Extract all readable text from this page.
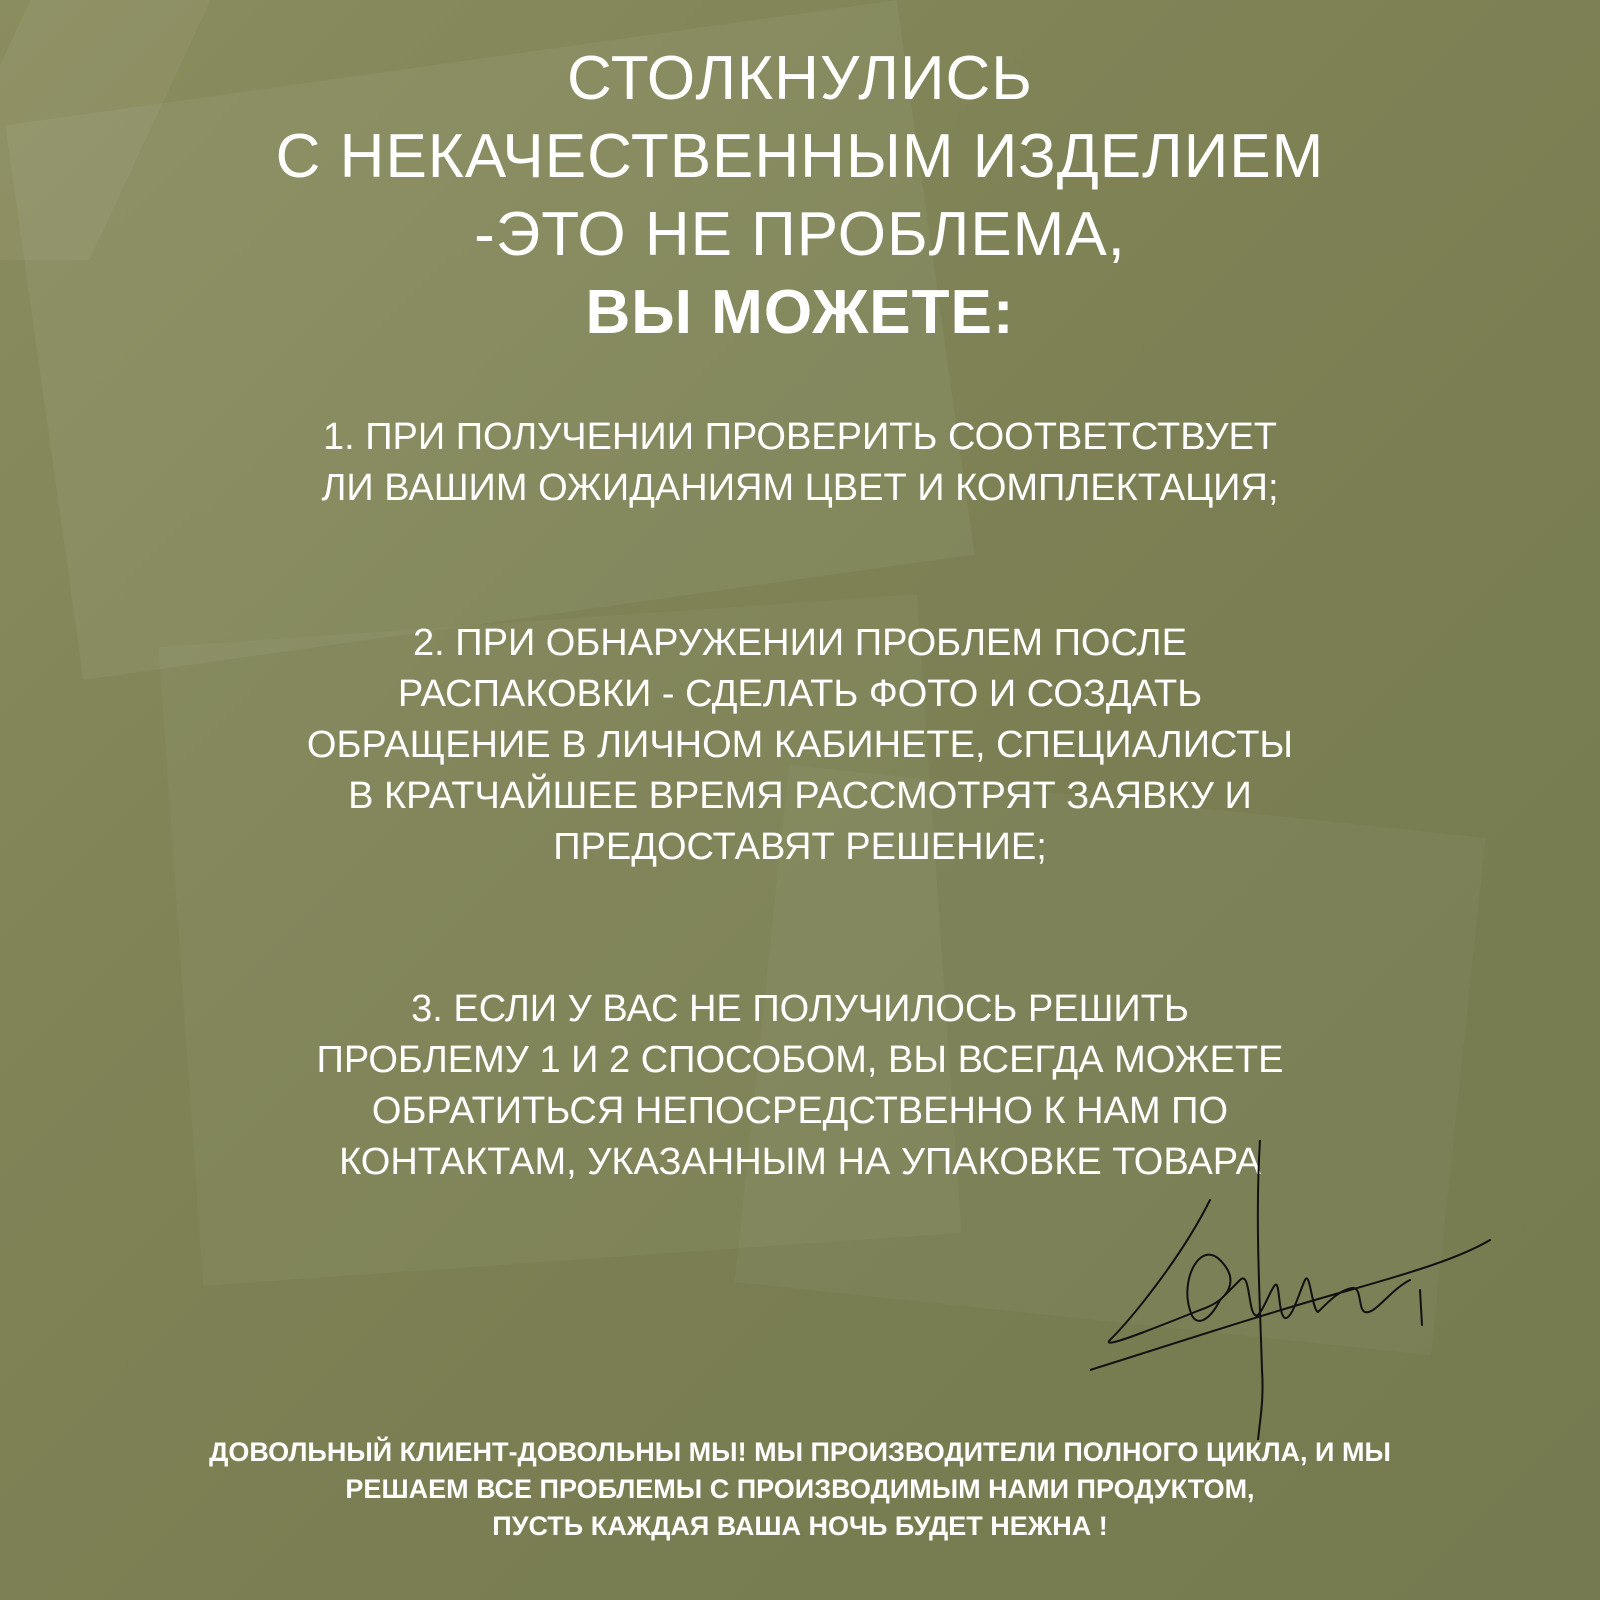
СТОЛКНУЛИСЬ
С НЕКАЧЕСТВЕННЫМ ИЗДЕЛИЕМ
-ЭТО НЕ ПРОБЛЕМА,
ВЫ МОЖЕТЕ:
1. ПРИ ПОЛУЧЕНИИ ПРОВЕРИТЬ СООТВЕТСТВУЕТ
ЛИ ВАШИМ ОЖИДАНИЯМ ЦВЕТ И КОМПЛЕКТАЦИЯ;
2. ПРИ ОБНАРУЖЕНИИ ПРОБЛЕМ ПОСЛЕ
РАСПАКОВКИ - СДЕЛАТЬ ФОТО И СОЗДАТЬ
ОБРАЩЕНИЕ В ЛИЧНОМ КАБИНЕТЕ, СПЕЦИАЛИСТЫ
В КРАТЧАЙШЕЕ ВРЕМЯ РАССМОТРЯТ ЗАЯВКУ И
ПРЕДОСТАВЯТ РЕШЕНИЕ;
3. ЕСЛИ У ВАС НЕ ПОЛУЧИЛОСЬ РЕШИТЬ
ПРОБЛЕМУ 1 И 2 СПОСОБОМ, ВЫ ВСЕГДА МОЖЕТЕ
ОБРАТИТЬСЯ НЕПОСРЕДСТВЕННО К НАМ ПО
КОНТАКТАМ, УКАЗАННЫМ НА УПАКОВКЕ ТОВАРА
ДОВОЛЬНЫЙ КЛИЕНТ-ДОВОЛЬНЫ МЫ! МЫ ПРОИЗВОДИТЕЛИ ПОЛНОГО ЦИКЛА, И МЫ
РЕШАЕМ ВСЕ ПРОБЛЕМЫ С ПРОИЗВОДИМЫМ НАМИ ПРОДУКТОМ,
ПУСТЬ КАЖДАЯ ВАША НОЧЬ БУДЕТ НЕЖНА !
